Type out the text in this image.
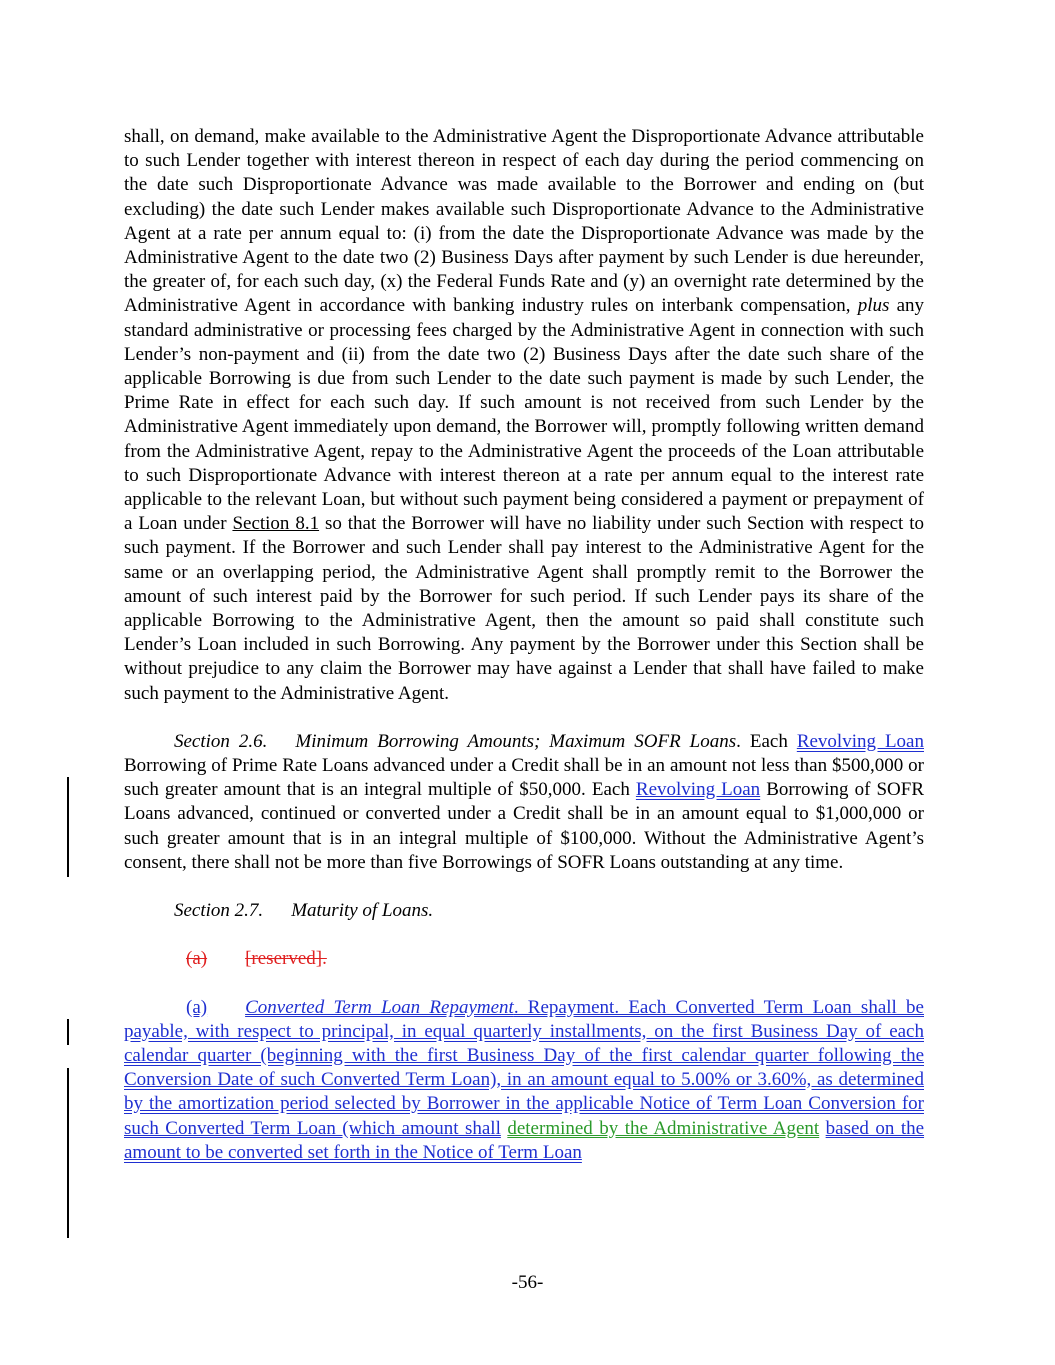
shall, on demand, make available to the Administrative Agent the Disproportionate Advance attributable to such Lender together with interest thereon in respect of each day during the period commencing on the date such Disproportionate Advance was made available to the Borrower and ending on (but excluding) the date such Lender makes available such Disproportionate Advance to the Administrative Agent at a rate per annum equal to: (i) from the date the Disproportionate Advance was made by the Administrative Agent to the date two (2) Business Days after payment by such Lender is due hereunder, the greater of, for each such day, (x) the Federal Funds Rate and (y) an overnight rate determined by the Administrative Agent in accordance with banking industry rules on interbank compensation, plus any standard administrative or processing fees charged by the Administrative Agent in connection with such Lender’s non-payment and (ii) from the date two (2) Business Days after the date such share of the applicable Borrowing is due from such Lender to the date such payment is made by such Lender, the Prime Rate in effect for each such day. If such amount is not received from such Lender by the Administrative Agent immediately upon demand, the Borrower will, promptly following written demand from the Administrative Agent, repay to the Administrative Agent the proceeds of the Loan attributable to such Disproportionate Advance with interest thereon at a rate per annum equal to the interest rate applicable to the relevant Loan, but without such payment being considered a payment or prepayment of a Loan under Section 8.1 so that the Borrower will have no liability under such Section with respect to such payment. If the Borrower and such Lender shall pay interest to the Administrative Agent for the same or an overlapping period, the Administrative Agent shall promptly remit to the Borrower the amount of such interest paid by the Borrower for such period. If such Lender pays its share of the applicable Borrowing to the Administrative Agent, then the amount so paid shall constitute such Lender’s Loan included in such Borrowing. Any payment by the Borrower under this Section shall be without prejudice to any claim the Borrower may have against a Lender that shall have failed to make such payment to the Administrative Agent.

Section 2.6. Minimum Borrowing Amounts; Maximum SOFR Loans. Each Revolving Loan Borrowing of Prime Rate Loans advanced under a Credit shall be in an amount not less than $500,000 or such greater amount that is an integral multiple of $50,000. Each Revolving Loan Borrowing of SOFR Loans advanced, continued or converted under a Credit shall be in an amount equal to $1,000,000 or such greater amount that is in an integral multiple of $100,000. Without the Administrative Agent’s consent, there shall not be more than five Borrowings of SOFR Loans outstanding at any time.

Section 2.7. Maturity of Loans.

(a) [reserved].

(a) Converted Term Loan Repayment. Repayment. Each Converted Term Loan shall be payable, with respect to principal, in equal quarterly installments, on the first Business Day of each calendar quarter (beginning with the first Business Day of the first calendar quarter following the Conversion Date of such Converted Term Loan), in an amount equal to 5.00% or 3.60%, as determined by the amortization period selected by Borrower in the applicable Notice of Term Loan Conversion for such Converted Term Loan (which amount shall determined by the Administrative Agent based on the amount to be converted set forth in the Notice of Term Loan

-56-
